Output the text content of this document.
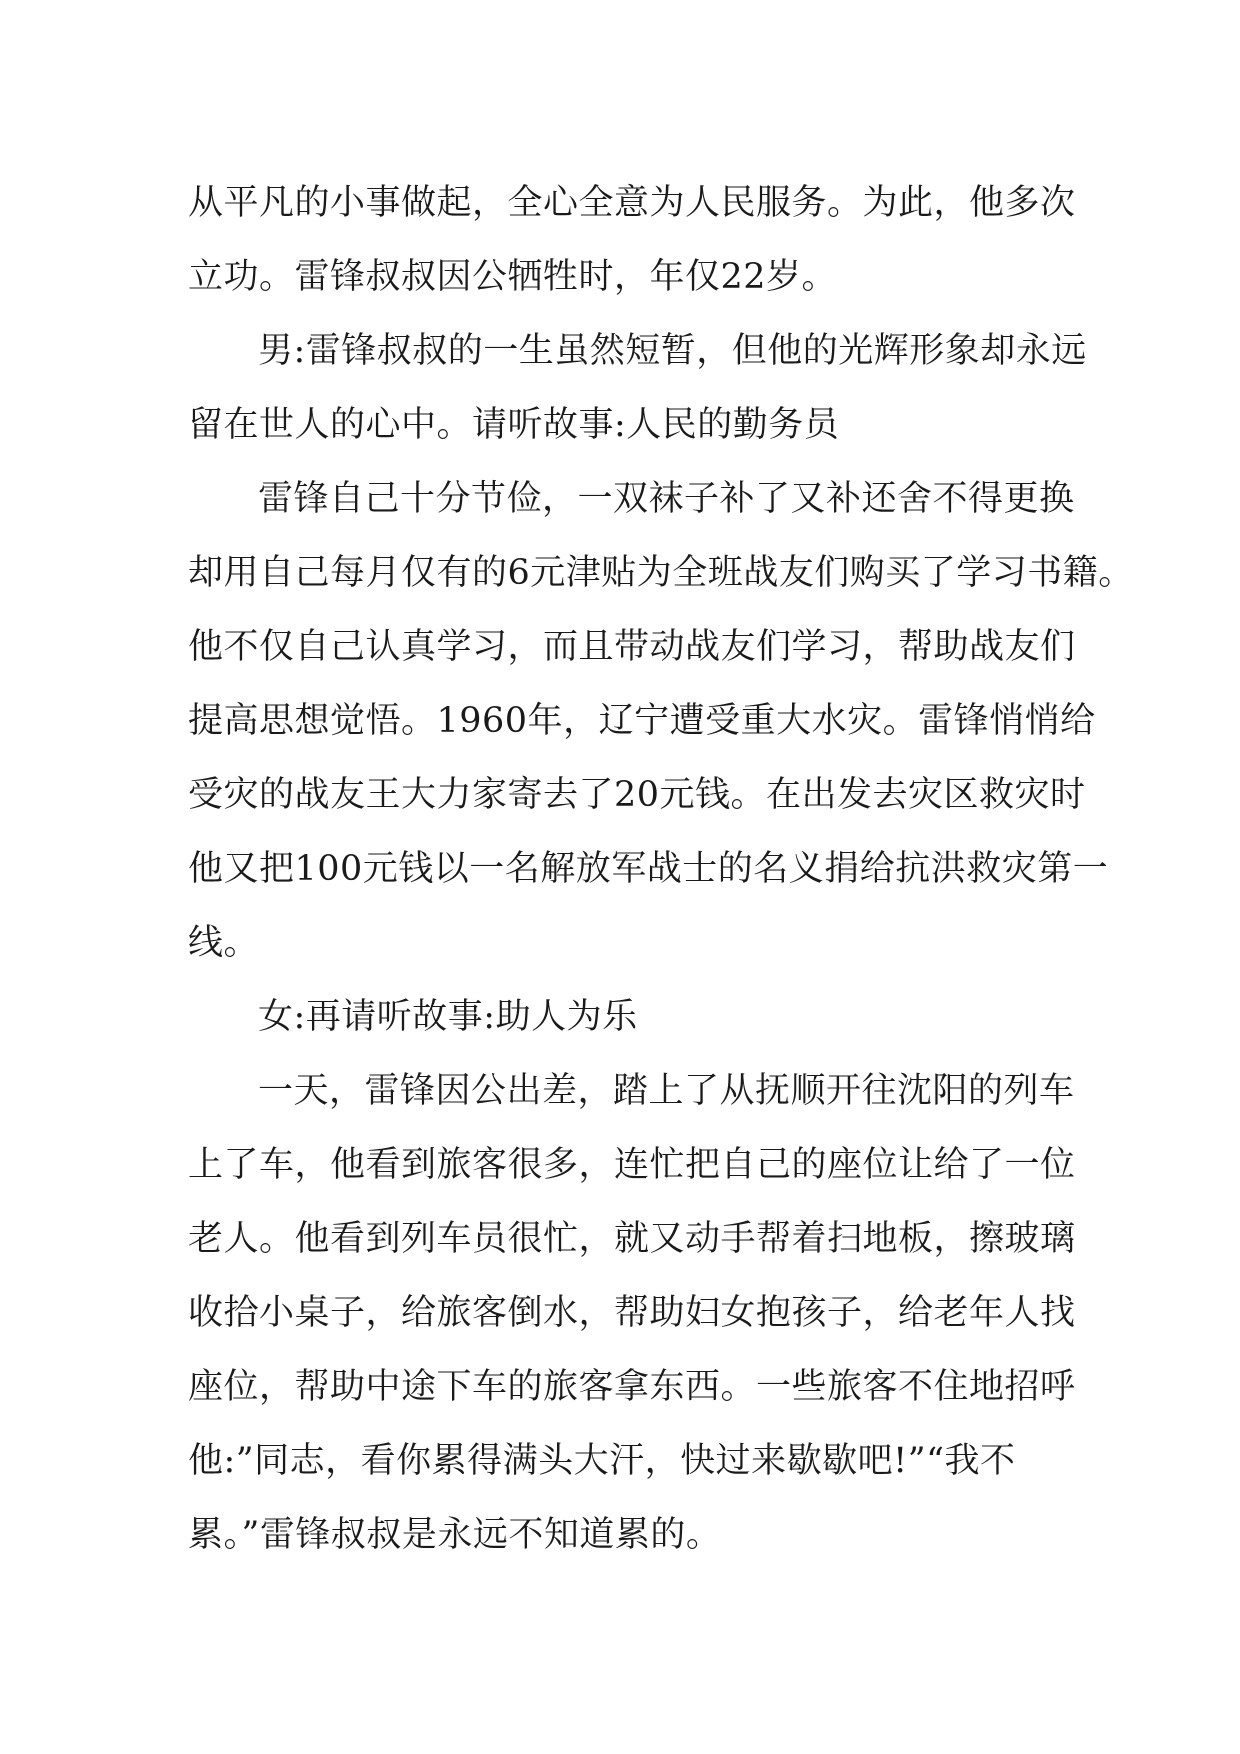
从平凡的小事做起，全心全意为人民服务。为此，他多次
立功。雷锋叔叔因公牺牲时，年仅22岁。
男:雷锋叔叔的一生虽然短暂，但他的光辉形象却永远
留在世人的心中。请听故事:人民的勤务员
雷锋自己十分节俭，一双袜子补了又补还舍不得更换
却用自己每月仅有的6元津贴为全班战友们购买了学习书籍。
他不仅自己认真学习，而且带动战友们学习，帮助战友们
提高思想觉悟。1960年，辽宁遭受重大水灾。雷锋悄悄给
受灾的战友王大力家寄去了20元钱。在出发去灾区救灾时
他又把100元钱以一名解放军战士的名义捐给抗洪救灾第一
线。
女:再请听故事:助人为乐
一天，雷锋因公出差，踏上了从抚顺开往沈阳的列车
上了车，他看到旅客很多，连忙把自己的座位让给了一位
老人。他看到列车员很忙，就又动手帮着扫地板，擦玻璃
收拾小桌子，给旅客倒水，帮助妇女抱孩子，给老年人找
座位，帮助中途下车的旅客拿东西。一些旅客不住地招呼
他:”同志，看你累得满头大汗，快过来歇歇吧!”“我不
累。”雷锋叔叔是永远不知道累的。
